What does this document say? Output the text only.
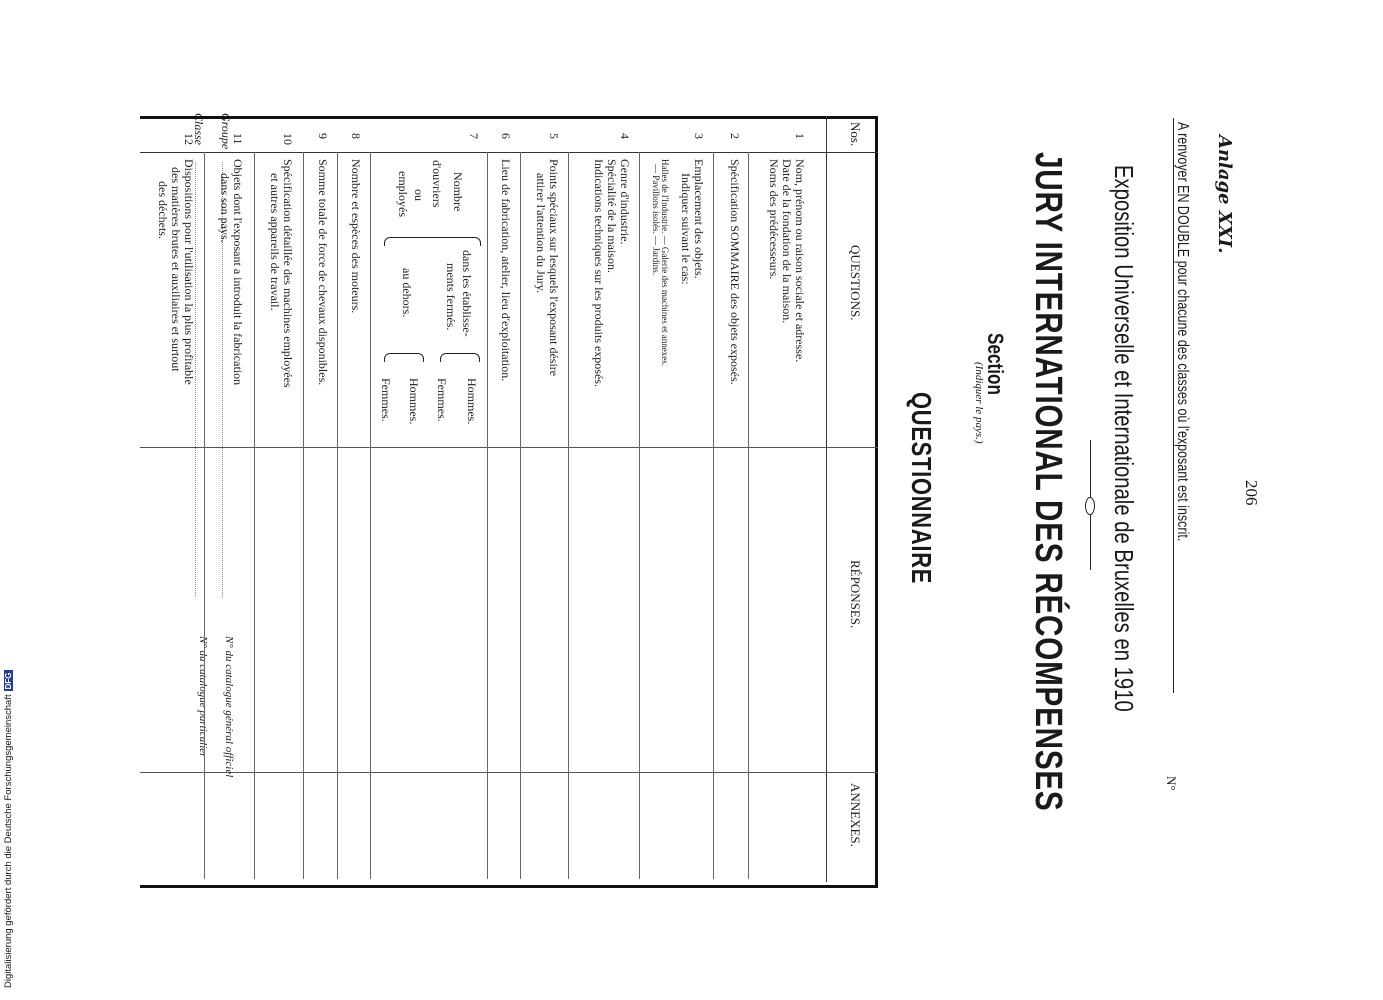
Digitalisierung gefördert durch die Deutsche ForschungsgemeinschaftDFG
206
Anlage XXI.
A renvoyer EN DOUBLE pour chacune des classes où l'exposant est inscrit.
N°
Exposition Universelle et Internationale de Bruxelles en 1910
JURY INTERNATIONAL DES RÉCOMPENSES
Section
(Indiquer le pays.)
QUESTIONNAIRE
Groupe
Classe
N° du catalogue général officiel
N° du catalogue particulier
Nos.
QUESTIONS.
RÉPONSES.
ANNEXES.
1
Nom, prénom ou raison sociale et adresse.
Date de la fondation de la maison.
Noms des prédécesseurs.
2
Spécification SOMMAIRE des objets exposés.
3
Emplacement des objets.
Indiquer suivant le cas:
Halles de l'Industrie. — Galerie des machines et annexes.
— Pavillons isolés. — Jardins.
4
Genre d'industrie.
Spécialité de la maison.
Indications techniques sur les produits exposés.
5
Points spéciaux sur lesquels l'exposant désire
attirer l'attention du Jury.
6
Lieu de fabrication, atelier, lieu d'exploitation.
7
Nombre
d'ouvriers
ou
employés
dans les établisse-
ments fermés.
au dehors.
Hommes.
Femmes.
Hommes.
Femmes.
8
Nombre et espèces des moteurs.
9
Somme totale de force de chevaux disponibles.
10
Spécification détaillée des machines employées
et autres appareils de travail.
11
Objets dont l'exposant a introduit la fabrication
dans son pays.
12
Dispositions pour l'utilisation la plus profitable
des matières brutes et auxiliaires et surtout
des déchets.
